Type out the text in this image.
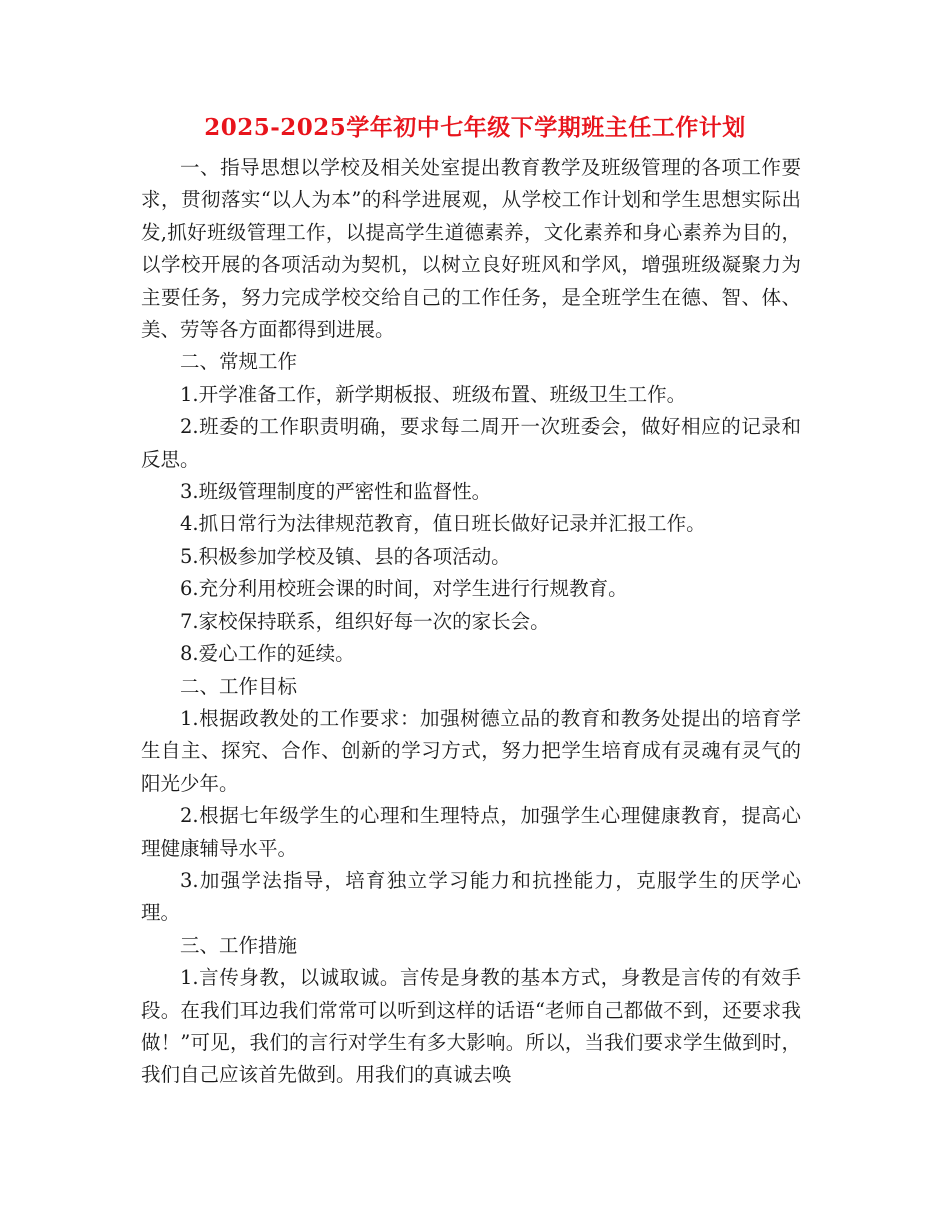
2025-2025学年初中七年级下学期班主任工作计划

一、指导思想以学校及相关处室提出教育教学及班级管理的各项工作要求，贯彻落实“以人为本”的科学进展观，从学校工作计划和学生思想实际出发,抓好班级管理工作，以提高学生道德素养，文化素养和身心素养为目的，以学校开展的各项活动为契机，以树立良好班风和学风，增强班级凝聚力为主要任务，努力完成学校交给自己的工作任务，是全班学生在德、智、体、美、劳等各方面都得到进展。

二、常规工作

1.开学准备工作，新学期板报、班级布置、班级卫生工作。

2.班委的工作职责明确，要求每二周开一次班委会，做好相应的记录和反思。

3.班级管理制度的严密性和监督性。

4.抓日常行为法律规范教育，值日班长做好记录并汇报工作。

5.积极参加学校及镇、县的各项活动。

6.充分利用校班会课的时间，对学生进行行规教育。

7.家校保持联系，组织好每一次的家长会。

8.爱心工作的延续。

二、工作目标

1.根据政教处的工作要求：加强树德立品的教育和教务处提出的培育学生自主、探究、合作、创新的学习方式，努力把学生培育成有灵魂有灵气的阳光少年。

2.根据七年级学生的心理和生理特点，加强学生心理健康教育，提高心理健康辅导水平。

3.加强学法指导，培育独立学习能力和抗挫能力，克服学生的厌学心理。

三、工作措施

1.言传身教，以诚取诚。言传是身教的基本方式，身教是言传的有效手段。在我们耳边我们常常可以听到这样的话语“老师自己都做不到，还要求我做！”可见，我们的言行对学生有多大影响。所以，当我们要求学生做到时，我们自己应该首先做到。用我们的真诚去唤
